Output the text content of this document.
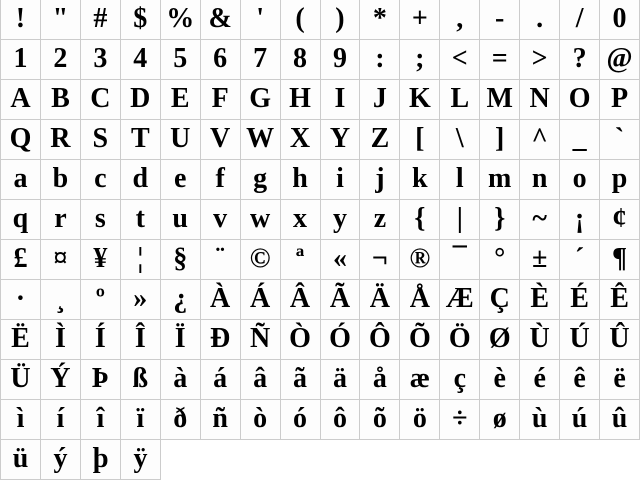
! " # $ % & '	(	)	* +	,	-	.	/	0
1 2 3 4 5 6 7 8 9	:	; < = > ? @
A B C D E F G H I J K L M N O P
Q R S T U V W X Y Z [	\	] ^ _	`
a b c d e	f	g h	i	j k	l m n o p
q r	s	t u v w x y z	{	|	} ~ ¡	¢
£ ¤ ¥	¦	§	¨ © ª	« ¬ ® ¯ ° ± ´ ¶
·	¸	º	» ¿ À Á Â Ã Ä Å Æ Ç È É Ê
Ë Ì	Í	Î	Ï Ð Ñ Ò Ó Ô Õ Ö Ø Ù Ú Û
Ü Ý Þ ß à á â ã ä å æ ç è é ê ë
ì	í	î	ï	ð ñ ò ó ô õ ö ÷ ø ù ú û
ü ý þ ÿ
